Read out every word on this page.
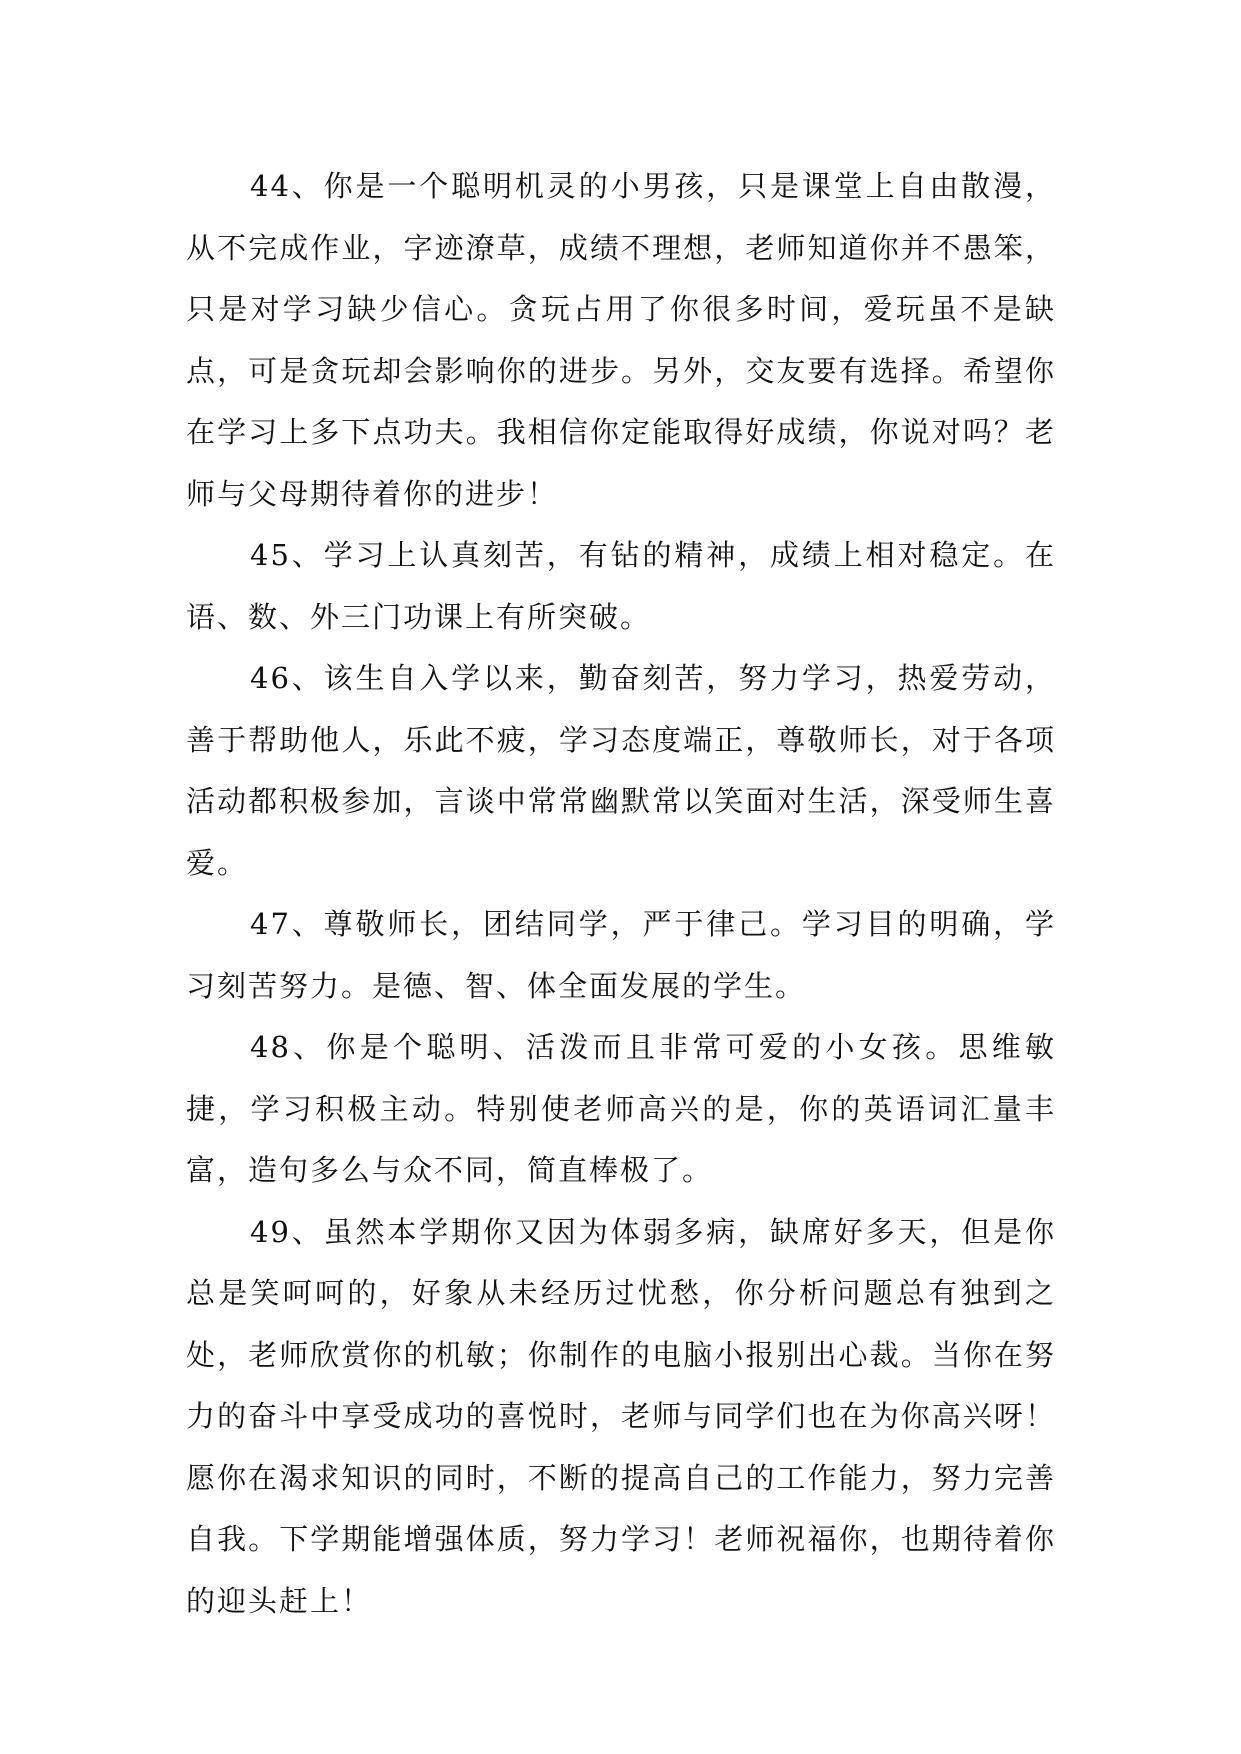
44、你是一个聪明机灵的小男孩，只是课堂上自由散漫，从不完成作业，字迹潦草，成绩不理想，老师知道你并不愚笨，只是对学习缺少信心。贪玩占用了你很多时间，爱玩虽不是缺点，可是贪玩却会影响你的进步。另外，交友要有选择。希望你在学习上多下点功夫。我相信你定能取得好成绩，你说对吗？老师与父母期待着你的进步！

45、学习上认真刻苦，有钻的精神，成绩上相对稳定。在语、数、外三门功课上有所突破。

46、该生自入学以来，勤奋刻苦，努力学习，热爱劳动，善于帮助他人，乐此不疲，学习态度端正，尊敬师长，对于各项活动都积极参加，言谈中常常幽默常以笑面对生活，深受师生喜爱。

47、尊敬师长，团结同学，严于律己。学习目的明确，学习刻苦努力。是德、智、体全面发展的学生。

48、你是个聪明、活泼而且非常可爱的小女孩。思维敏捷，学习积极主动。特别使老师高兴的是，你的英语词汇量丰富，造句多么与众不同，简直棒极了。

49、虽然本学期你又因为体弱多病，缺席好多天，但是你总是笑呵呵的，好象从未经历过忧愁，你分析问题总有独到之处，老师欣赏你的机敏；你制作的电脑小报别出心裁。当你在努力的奋斗中享受成功的喜悦时，老师与同学们也在为你高兴呀！愿你在渴求知识的同时，不断的提高自己的工作能力，努力完善自我。下学期能增强体质，努力学习！老师祝福你，也期待着你的迎头赶上！
